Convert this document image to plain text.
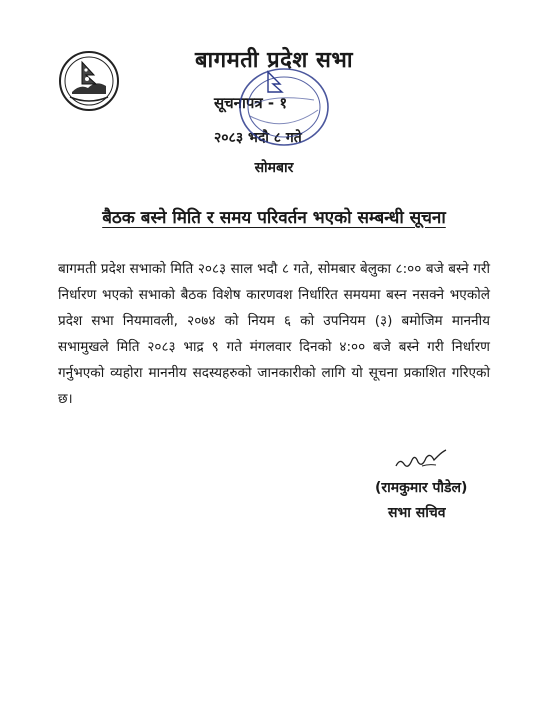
बागमती प्रदेश सभा
सूचनापत्र - १
२०८३ भदौ ८ गते
सोमबार
बैठक बस्ने मिति र समय परिवर्तन भएको सम्बन्धी सूचना
बागमती प्रदेश सभाको मिति २०८३ साल भदौ ८ गते, सोमबार बेलुका ८:०० बजे बस्ने गरी निर्धारण भएको सभाको बैठक विशेष कारणवश निर्धारित समयमा बस्न नसक्ने भएकोले प्रदेश सभा नियमावली, २०७४ को नियम ६ को उपनियम (३) बमोजिम माननीय सभामुखले मिति २०८३ भाद्र ९ गते मंगलवार दिनको ४:०० बजे बस्ने गरी निर्धारण गर्नुभएको व्यहोरा माननीय सदस्यहरुको जानकारीको लागि यो सूचना प्रकाशित गरिएको छ।
(रामकुमार पौडेल)
सभा सचिव
